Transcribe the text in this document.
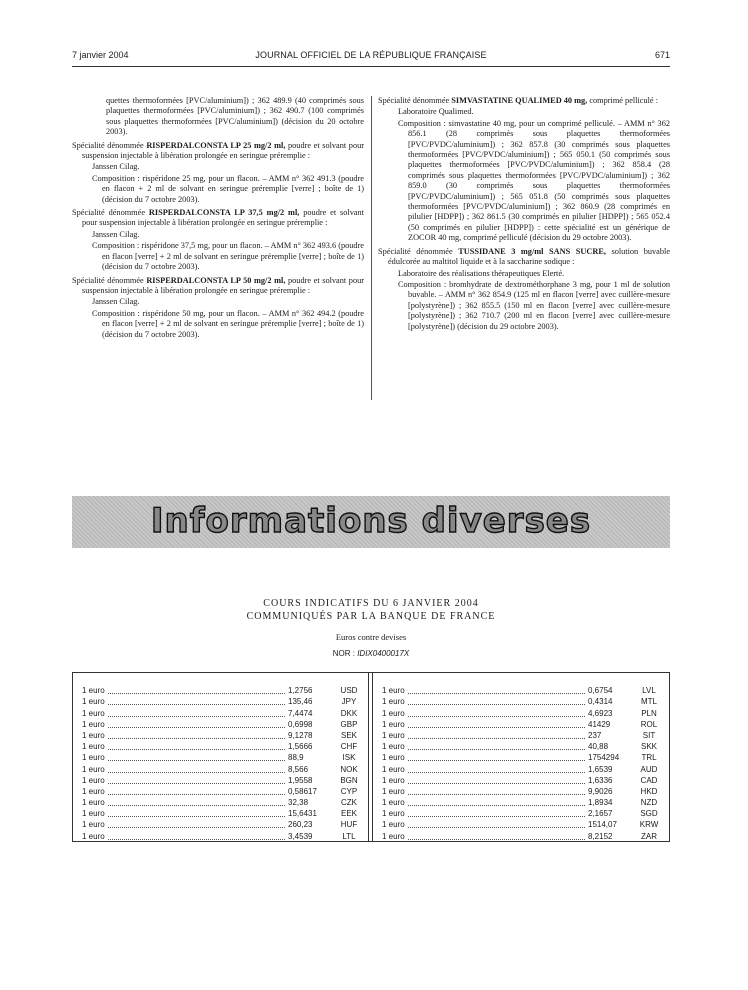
7 janvier 2004	JOURNAL OFFICIEL DE LA RÉPUBLIQUE FRANÇAISE	671

quettes thermoformées [PVC/aluminium]) ; 362 489.9 (40 comprimés sous plaquettes thermoformées [PVC/aluminium]) ; 362 490.7 (100 comprimés sous plaquettes thermoformées [PVC/aluminium]) (décision du 20 octobre 2003).

Spécialité dénommée RISPERDALCONSTA LP 25 mg/2 ml, poudre et solvant pour suspension injectable à libération prolongée en seringue préremplie :
Janssen Cilag.
Composition : rispéridone 25 mg, pour un flacon. – AMM n° 362 491.3 (poudre en flacon + 2 ml de solvant en seringue préremplie [verre] ; boîte de 1) (décision du 7 octobre 2003).
Spécialité dénommée RISPERDALCONSTA LP 37,5 mg/2 ml, poudre et solvant pour suspension injectable à libération prolongée en seringue préremplie :
Janssen Cilag.
Composition : rispéridone 37,5 mg, pour un flacon. – AMM n° 362 493.6 (poudre en flacon [verre] + 2 ml de solvant en seringue préremplie [verre] ; boîte de 1) (décision du 7 octobre 2003).
Spécialité dénommée RISPERDALCONSTA LP 50 mg/2 ml, poudre et solvant pour suspension injectable à libération prolongée en seringue préremplie :
Janssen Cilag.
Composition : rispéridone 50 mg, pour un flacon. – AMM n° 362 494.2 (poudre en flacon [verre] + 2 ml de solvant en seringue préremplie [verre] ; boîte de 1) (décision du 7 octobre 2003).
Spécialité dénommée SIMVASTATINE QUALIMED 40 mg, comprimé pelliculé :
Laboratoire Qualimed.
Composition : simvastatine 40 mg, pour un comprimé pelliculé. – AMM n° 362 856.1 (28 comprimés sous plaquettes thermoformées [PVC/PVDC/aluminium]) ; 362 857.8 (30 comprimés sous plaquettes thermoformées [PVC/PVDC/aluminium]) ; 565 050.1 (50 comprimés sous plaquettes thermoformées [PVC/PVDC/aluminium]) ; 362 858.4 (28 comprimés sous plaquettes thermoformées [PVC/PVDC/aluminium]) ; 362 859.0 (30 comprimés sous plaquettes thermoformées [PVC/PVDC/aluminium]) ; 565 051.8 (50 comprimés sous plaquettes thermoformées [PVC/PVDC/aluminium]) ; 362 860.9 (28 comprimés en pilulier [HDPP]) ; 362 861.5 (30 comprimés en pilulier [HDPP]) ; 565 052.4 (50 comprimés en pilulier [HDPP]) : cette spécialité est un générique de ZOCOR 40 mg, comprimé pelliculé (décision du 29 octobre 2003).
Spécialité dénommée TUSSIDANE 3 mg/ml SANS SUCRE, solution buvable édulcorée au maltitol liquide et à la saccharine sodique :
Laboratoire des réalisations thérapeutiques Elerté.
Composition : bromhydrate de dextrométhorphane 3 mg, pour 1 ml de solution buvable. – AMM n° 362 854.9 (125 ml en flacon [verre] avec cuillère-mesure [polystyrène]) ; 362 855.5 (150 ml en flacon [verre] avec cuillère-mesure [polystyrène]) ; 362 710.7 (200 ml en flacon [verre] avec cuillère-mesure [polystyrène]) (décision du 29 octobre 2003).
Informations diverses
COURS INDICATIFS DU 6 JANVIER 2004
COMMUNIQUÉS PAR LA BANQUE DE FRANCE
Euros contre devises
NOR : IDIX0400017X
1 euro	1,2756	USD
1 euro	135,46	JPY
1 euro	7,4474	DKK
1 euro	0,6998	GBP
1 euro	9,1278	SEK
1 euro	1,5666	CHF
1 euro	88,9	ISK
1 euro	8,566	NOK
1 euro	1,9558	BGN
1 euro	0,58617	CYP
1 euro	32,38	CZK
1 euro	15,6431	EEK
1 euro	260,23	HUF
1 euro	3,4539	LTL
1 euro	0,6754	LVL
1 euro	0,4314	MTL
1 euro	4,6923	PLN
1 euro	41429	ROL
1 euro	237	SIT
1 euro	40,88	SKK
1 euro	1754294	TRL
1 euro	1,6539	AUD
1 euro	1,6336	CAD
1 euro	9,9026	HKD
1 euro	1,8934	NZD
1 euro	2,1657	SGD
1 euro	1514,07	KRW
1 euro	8,2152	ZAR
